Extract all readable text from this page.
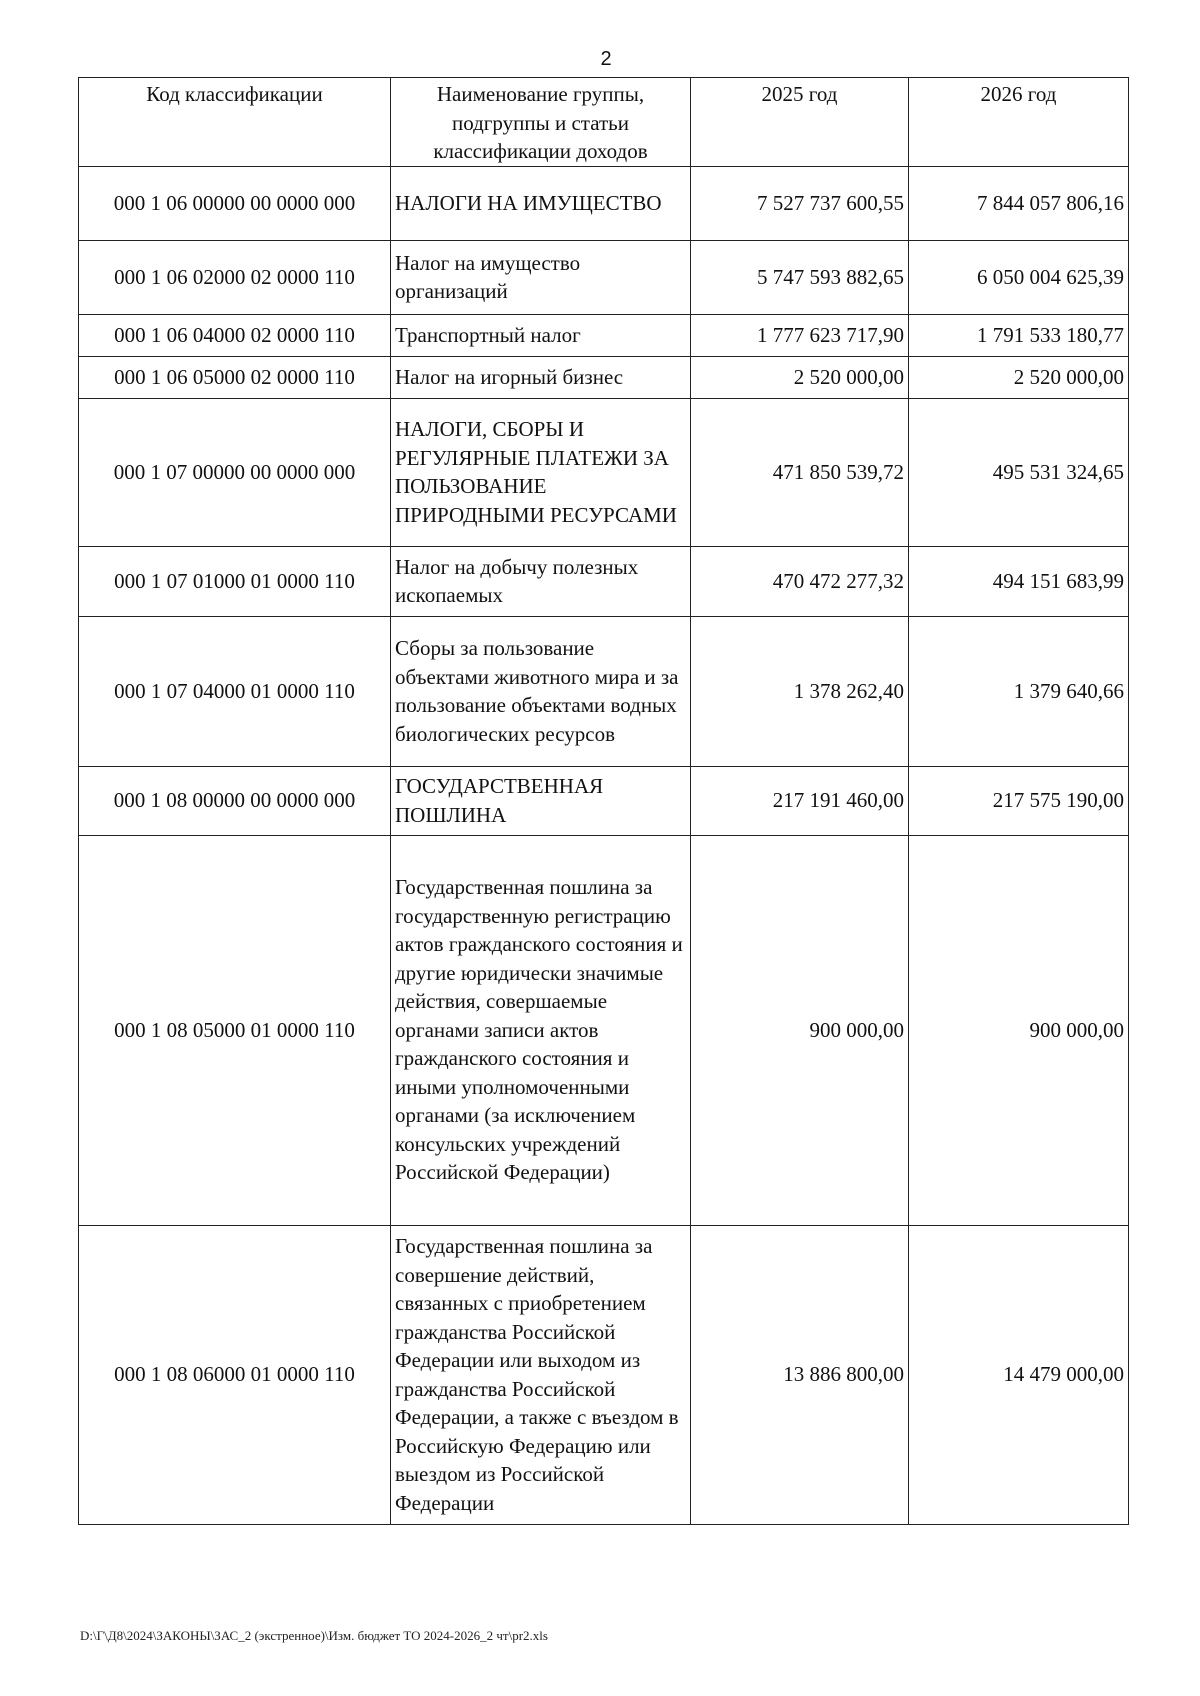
2
Код классификации	Наименование группы, подгруппы и статьи классификации доходов	2025 год	2026 год
000 1 06 00000 00 0000 000	НАЛОГИ НА ИМУЩЕСТВО	7 527 737 600,55	7 844 057 806,16
000 1 06 02000 02 0000 110	Налог на имущество организаций	5 747 593 882,65	6 050 004 625,39
000 1 06 04000 02 0000 110	Транспортный налог	1 777 623 717,90	1 791 533 180,77
000 1 06 05000 02 0000 110	Налог на игорный бизнес	2 520 000,00	2 520 000,00
000 1 07 00000 00 0000 000	НАЛОГИ, СБОРЫ И РЕГУЛЯРНЫЕ ПЛАТЕЖИ ЗА ПОЛЬЗОВАНИЕ ПРИРОДНЫМИ РЕСУРСАМИ	471 850 539,72	495 531 324,65
000 1 07 01000 01 0000 110	Налог на добычу полезных ископаемых	470 472 277,32	494 151 683,99
000 1 07 04000 01 0000 110	Сборы за пользование объектами животного мира и за пользование объектами водных биологических ресурсов	1 378 262,40	1 379 640,66
000 1 08 00000 00 0000 000	ГОСУДАРСТВЕННАЯ ПОШЛИНА	217 191 460,00	217 575 190,00
000 1 08 05000 01 0000 110	Государственная пошлина за государственную регистрацию актов гражданского состояния и другие юридически значимые действия, совершаемые органами записи актов гражданского состояния и иными уполномоченными органами (за исключением консульских учреждений Российской Федерации)	900 000,00	900 000,00
000 1 08 06000 01 0000 110	Государственная пошлина за совершение действий, связанных с приобретением гражданства Российской Федерации или выходом из гражданства Российской Федерации, а также с въездом в Российскую Федерацию или выездом из Российской Федерации	13 886 800,00	14 479 000,00
D:\Г\Д8\2024\ЗАКОНЫ\ЗАС_2 (экстренное)\Изм. бюджет ТО 2024-2026_2 чт\pr2.xls
